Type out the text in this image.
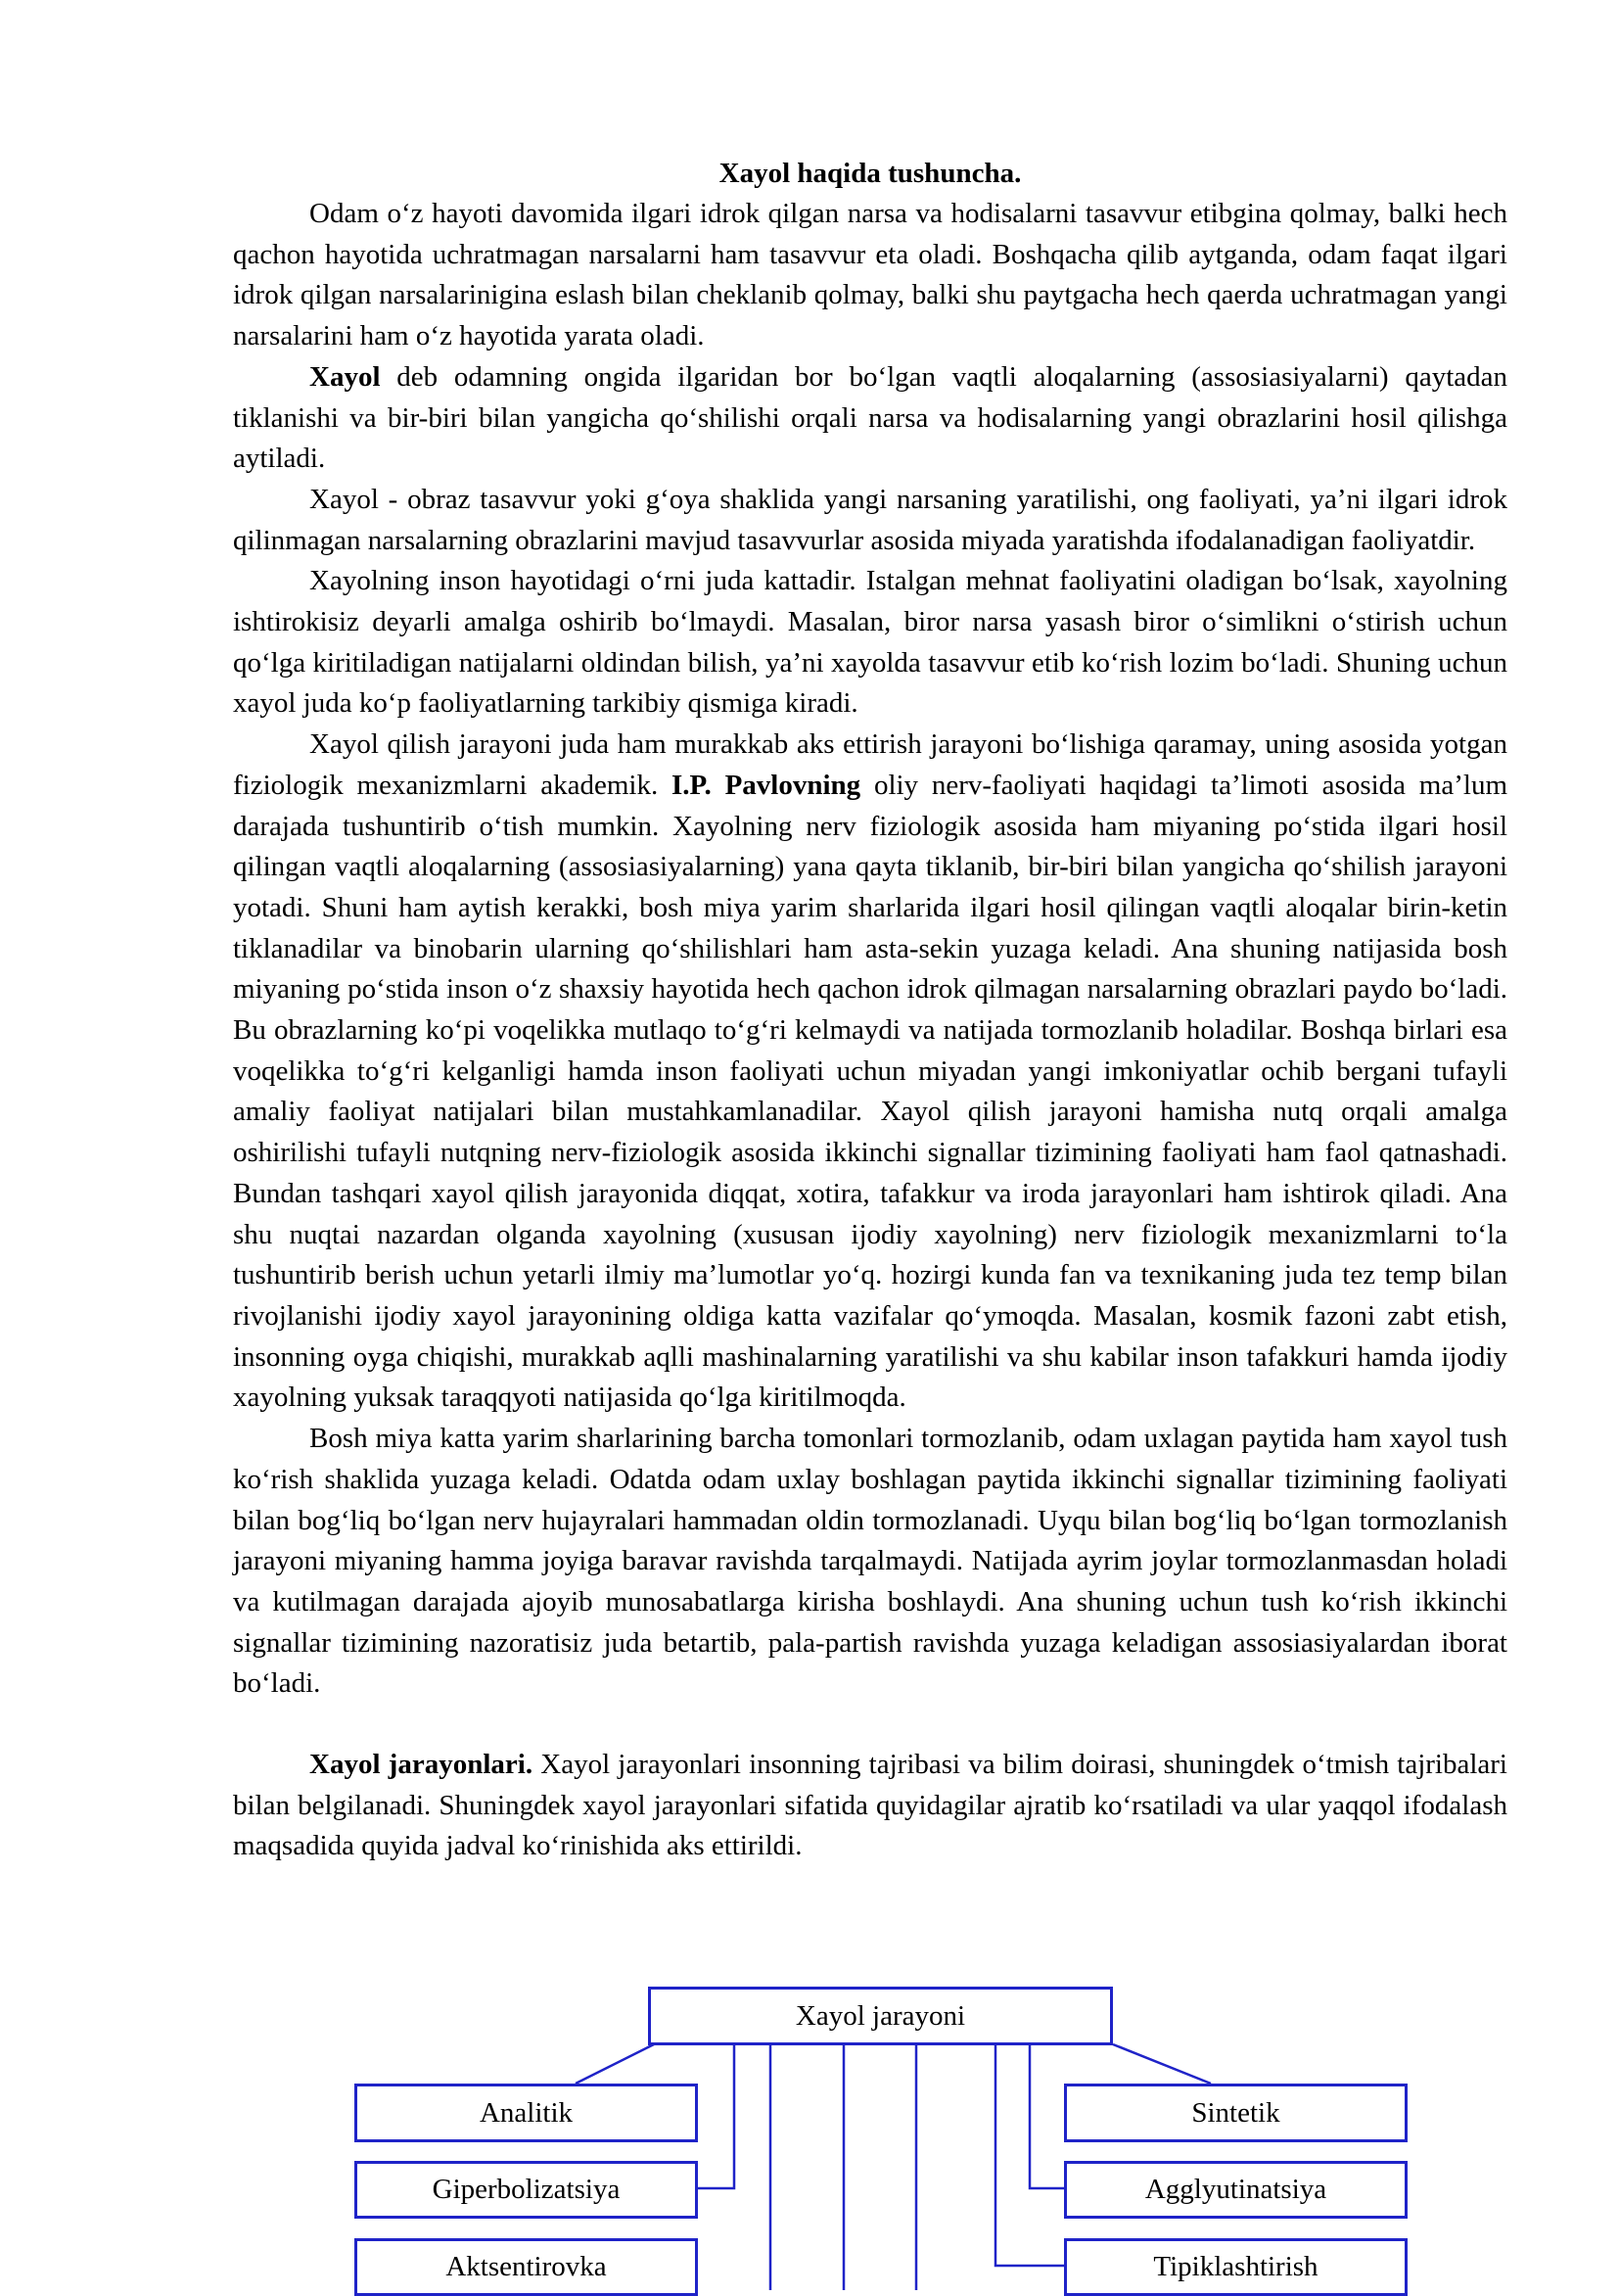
Xayol haqida tushuncha.

Odam oʻz hayoti davomida ilgari idrok qilgan narsa va hodisalarni tasavvur etibgina qolmay, balki hech qachon hayotida uchratmagan narsalarni ham tasavvur eta oladi. Boshqacha qilib aytganda, odam faqat ilgari idrok qilgan narsalarinigina eslash bilan cheklanib qolmay, balki shu paytgacha hech qaerda uchratmagan yangi narsalarini ham oʻz hayotida yarata oladi.

Xayol deb odamning ongida ilgaridan bor boʻlgan vaqtli aloqalarning (assosiasiyalarni) qaytadan tiklanishi va bir-biri bilan yangicha qoʻshilishi orqali narsa va hodisalarning yangi obrazlarini hosil qilishga aytiladi.

Xayol - obraz tasavvur yoki gʻoya shaklida yangi narsaning yaratilishi, ong faoliyati, yaʼni ilgari idrok qilinmagan narsalarning obrazlarini mavjud tasavvurlar asosida miyada yaratishda ifodalanadigan faoliyatdir.

Xayolning inson hayotidagi oʻrni juda kattadir. Istalgan mehnat faoliyatini oladigan boʻlsak, xayolning ishtirokisiz deyarli amalga oshirib boʻlmaydi. Masalan, biror narsa yasash biror oʻsimlikni oʻstirish uchun qoʻlga kiritiladigan natijalarni oldindan bilish, yaʼni xayolda tasavvur etib koʻrish lozim boʻladi. Shuning uchun xayol juda koʻp faoliyatlarning tarkibiy qismiga kiradi.

Xayol qilish jarayoni juda ham murakkab aks ettirish jarayoni boʻlishiga qaramay, uning asosida yotgan fiziologik mexanizmlarni akademik. I.P. Pavlovning oliy nerv-faoliyati haqidagi taʼlimoti asosida maʼlum darajada tushuntirib oʻtish mumkin. Xayolning nerv fiziologik asosida ham miyaning poʻstida ilgari hosil qilingan vaqtli aloqalarning (assosiasiyalarning) yana qayta tiklanib, bir-biri bilan yangicha qoʻshilish jarayoni yotadi. Shuni ham aytish kerakki, bosh miya yarim sharlarida ilgari hosil qilingan vaqtli aloqalar birin-ketin tiklanadilar va binobarin ularning qoʻshilishlari ham asta-sekin yuzaga keladi. Ana shuning natijasida bosh miyaning poʻstida inson oʻz shaxsiy hayotida hech qachon idrok qilmagan narsalarning obrazlari paydo boʻladi. Bu obrazlarning koʻpi voqelikka mutlaqo toʻgʻri kelmaydi va natijada tormozlanib holadilar. Boshqa birlari esa voqelikka toʻgʻri kelganligi hamda inson faoliyati uchun miyadan yangi imkoniyatlar ochib bergani tufayli amaliy faoliyat natijalari bilan mustahkamlanadilar. Xayol qilish jarayoni hamisha nutq orqali amalga oshirilishi tufayli nutqning nerv-fiziologik asosida ikkinchi signallar tizimining faoliyati ham faol qatnashadi. Bundan tashqari xayol qilish jarayonida diqqat, xotira, tafakkur va iroda jarayonlari ham ishtirok qiladi. Ana shu nuqtai nazardan olganda xayolning (xususan ijodiy xayolning) nerv fiziologik mexanizmlarni toʻla tushuntirib berish uchun yetarli ilmiy maʼlumotlar yoʻq. hozirgi kunda fan va texnikaning juda tez temp bilan rivojlanishi ijodiy xayol jarayonining oldiga katta vazifalar qoʻymoqda. Masalan, kosmik fazoni zabt etish, insonning oyga chiqishi, murakkab aqlli mashinalarning yaratilishi va shu kabilar inson tafakkuri hamda ijodiy xayolning yuksak taraqqyoti natijasida qoʻlga kiritilmoqda.

Bosh miya katta yarim sharlarining barcha tomonlari tormozlanib, odam uxlagan paytida ham xayol tush koʻrish shaklida yuzaga keladi. Odatda odam uxlay boshlagan paytida ikkinchi signallar tizimining faoliyati bilan bogʻliq boʻlgan nerv hujayralari hammadan oldin tormozlanadi. Uyqu bilan bogʻliq boʻlgan tormozlanish jarayoni miyaning hamma joyiga baravar ravishda tarqalmaydi. Natijada ayrim joylar tormozlanmasdan holadi va kutilmagan darajada ajoyib munosabatlarga kirisha boshlaydi. Ana shuning uchun tush koʻrish ikkinchi signallar tizimining nazoratisiz juda betartib, pala-partish ravishda yuzaga keladigan assosiasiyalardan iborat boʻladi.

Xayol jarayonlari. Xayol jarayonlari insonning tajribasi va bilim doirasi, shuningdek oʻtmish tajribalari bilan belgilanadi. Shuningdek xayol jarayonlari sifatida quyidagilar ajratib koʻrsatiladi va ular yaqqol ifodalash maqsadida quyida jadval koʻrinishida aks ettirildi.

Xayol jarayoni
Analitik
Giperbolizatsiya
Aktsentirovka
Sintetik
Agglyutinatsiya
Tipiklashtirish
